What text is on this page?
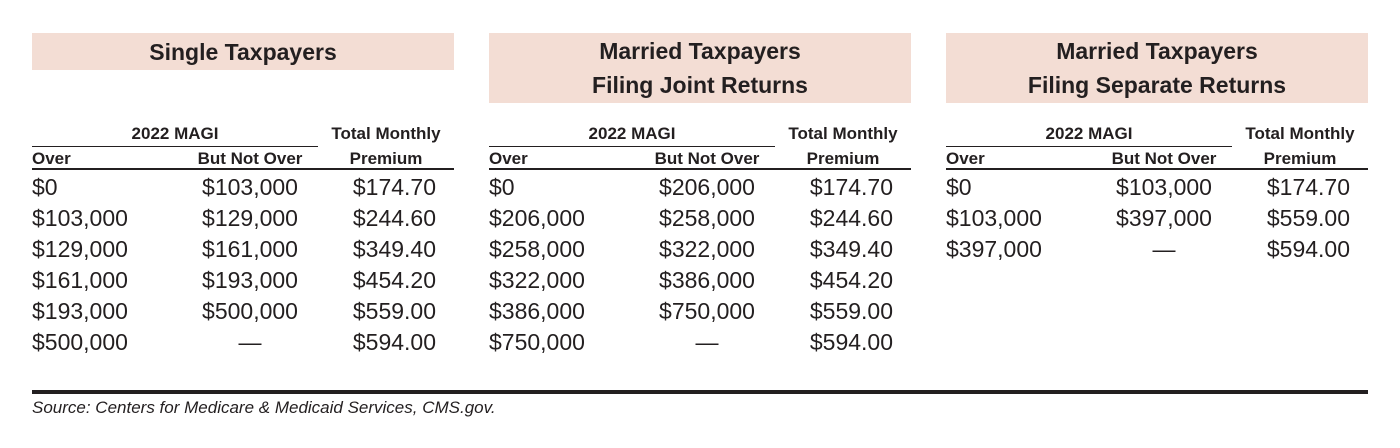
Single Taxpayers
2022 MAGI	Total Monthly
Over	But Not Over	Premium
$0	$103,000	$174.70
$103,000	$129,000	$244.60
$129,000	$161,000	$349.40
$161,000	$193,000	$454.20
$193,000	$500,000	$559.00
$500,000	—	$594.00
Married Taxpayers
Filing Joint Returns
2022 MAGI	Total Monthly
Over	But Not Over	Premium
$0	$206,000	$174.70
$206,000	$258,000	$244.60
$258,000	$322,000	$349.40
$322,000	$386,000	$454.20
$386,000	$750,000	$559.00
$750,000	—	$594.00
Married Taxpayers
Filing Separate Returns
2022 MAGI	Total Monthly
Over	But Not Over	Premium
$0	$103,000	$174.70
$103,000	$397,000	$559.00
$397,000	—	$594.00
Source: Centers for Medicare & Medicaid Services, CMS.gov.
